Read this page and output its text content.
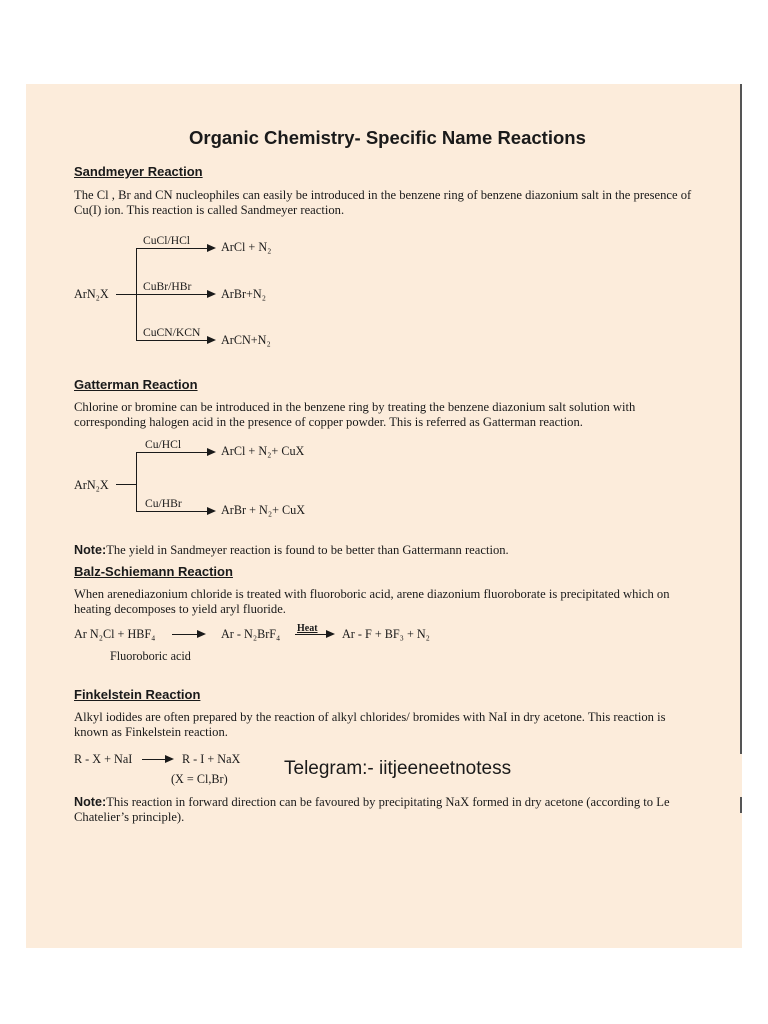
Organic Chemistry- Specific Name Reactions
Sandmeyer Reaction
The Cl , Br and CN nucleophiles can easily be introduced in the benzene ring of benzene diazonium salt in the presence of Cu(I) ion. This reaction is called Sandmeyer reaction.
ArN₂X
CuCl/HCl
CuBr/HBr
CuCN/KCN
ArCl + N₂
ArBr+N₂
ArCN+N₂
Gatterman Reaction
Chlorine or bromine can be introduced in the benzene ring by treating the benzene diazonium salt solution with corresponding halogen acid in the presence of copper powder. This is referred as Gatterman reaction.
ArN₂X
Cu/HCl
Cu/HBr
ArCl + N₂+ CuX
ArBr + N₂+ CuX
Note:The yield in Sandmeyer reaction is found to be better than Gattermann reaction.
Balz-Schiemann Reaction
When arenediazonium chloride is treated with fluoroboric acid, arene diazonium fluoroborate is precipitated which on heating decomposes to yield aryl fluoride.
Ar N₂Cl + HBF₄	Ar - N₂BrF₄ Heat Ar - F + BF₃ + N₂
Fluoroboric acid
Finkelstein Reaction
Alkyl iodides are often prepared by the reaction of alkyl chlorides/ bromides with NaI in dry acetone. This reaction is known as Finkelstein reaction.
R - X + NaI	R - I + NaX
(X = Cl,Br)	Telegram:- iitjeeneetnotess
Note:This reaction in forward direction can be favoured by precipitating NaX formed in dry acetone (according to Le Chatelier’s principle).
